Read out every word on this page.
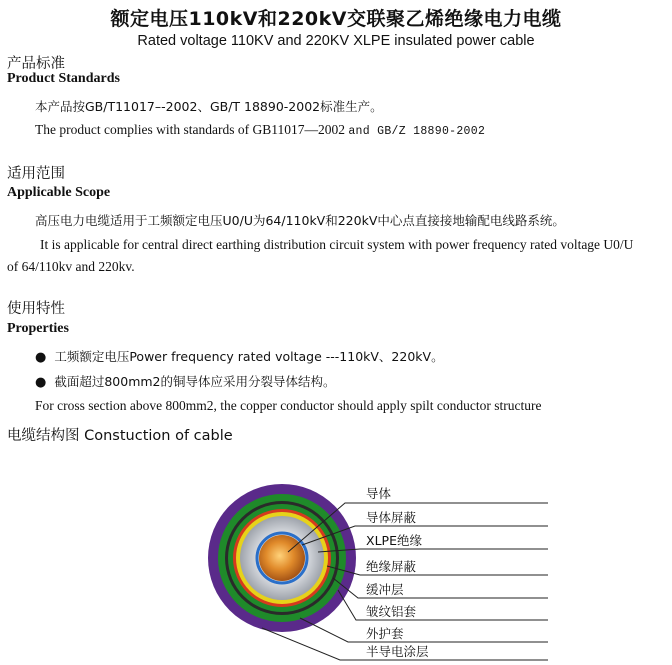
额定电压110kV和220kV交联聚乙烯绝缘电力电缆
Rated voltage 110KV and 220KV XLPE insulated power cable
产品标准
Product Standards
本产品按GB/T11017–-2002、GB/T 18890-2002标准生产。
The product complies with standards of GB11017—2002 and GB/Z 18890-2002
适用范围
Applicable Scope
高压电力电缆适用于工频额定电压U0/U为64/110kV和220kV中心点直接接地输配电线路系统。
It is applicable for central direct earthing distribution circuit system with power frequency rated voltage U0/U
of 64/110kv and 220kv.
使用特性
Properties
● 工频额定电压Power frequency rated voltage ---110kV、220kV。
● 截面超过800mm2的铜导体应采用分裂导体结构。
For cross section above 800mm2, the copper conductor should apply spilt conductor structure
电缆结构图 Constuction of cable
导体
导体屏蔽
XLPE绝缘
绝缘屏蔽
缓冲层
皱纹铝套
外护套
半导电涂层
